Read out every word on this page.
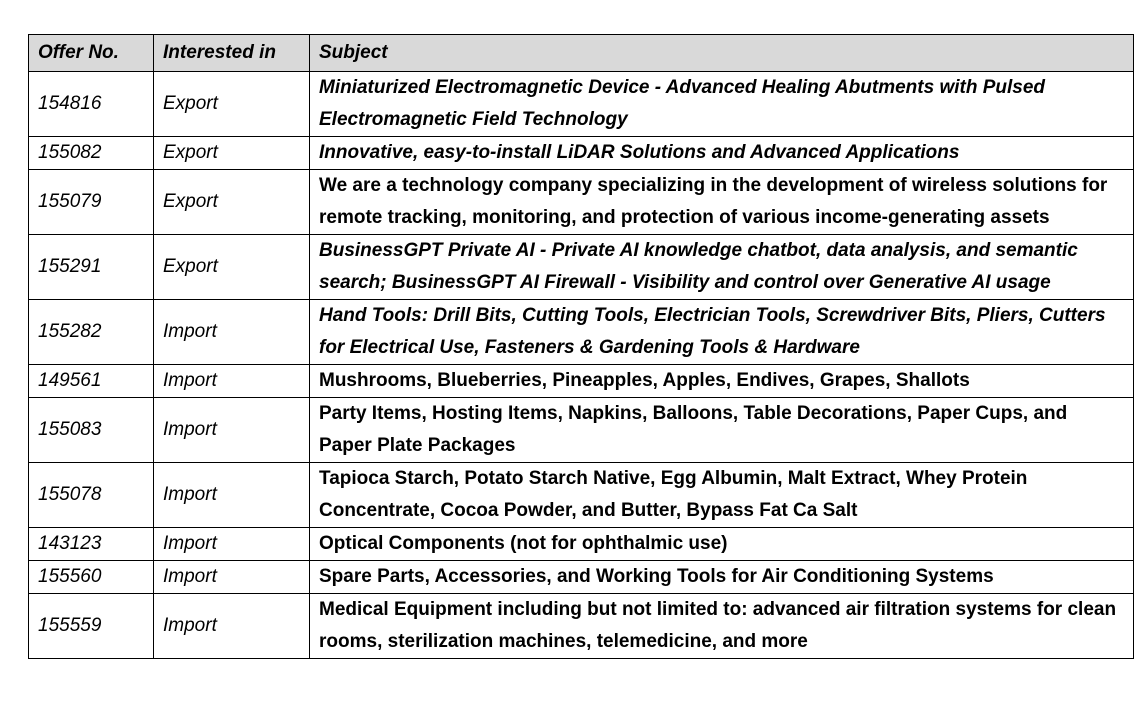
Offer No.	Interested in	Subject
154816	Export	Miniaturized Electromagnetic Device - Advanced Healing Abutments with Pulsed Electromagnetic Field Technology
155082	Export	Innovative, easy-to-install LiDAR Solutions and Advanced Applications
155079	Export	We are a technology company specializing in the development of wireless solutions for remote tracking, monitoring, and protection of various income-generating assets
155291	Export	BusinessGPT Private AI - Private AI knowledge chatbot, data analysis, and semantic search; BusinessGPT AI Firewall - Visibility and control over Generative AI usage
155282	Import	Hand Tools: Drill Bits, Cutting Tools, Electrician Tools, Screwdriver Bits, Pliers, Cutters for Electrical Use, Fasteners & Gardening Tools & Hardware
149561	Import	Mushrooms, Blueberries, Pineapples, Apples, Endives, Grapes, Shallots
155083	Import	Party Items, Hosting Items, Napkins, Balloons, Table Decorations, Paper Cups, and Paper Plate Packages
155078	Import	Tapioca Starch, Potato Starch Native, Egg Albumin, Malt Extract, Whey Protein Concentrate, Cocoa Powder, and Butter, Bypass Fat Ca Salt
143123	Import	Optical Components (not for ophthalmic use)
155560	Import	Spare Parts, Accessories, and Working Tools for Air Conditioning Systems
155559	Import	Medical Equipment including but not limited to: advanced air filtration systems for clean rooms, sterilization machines, telemedicine, and more
